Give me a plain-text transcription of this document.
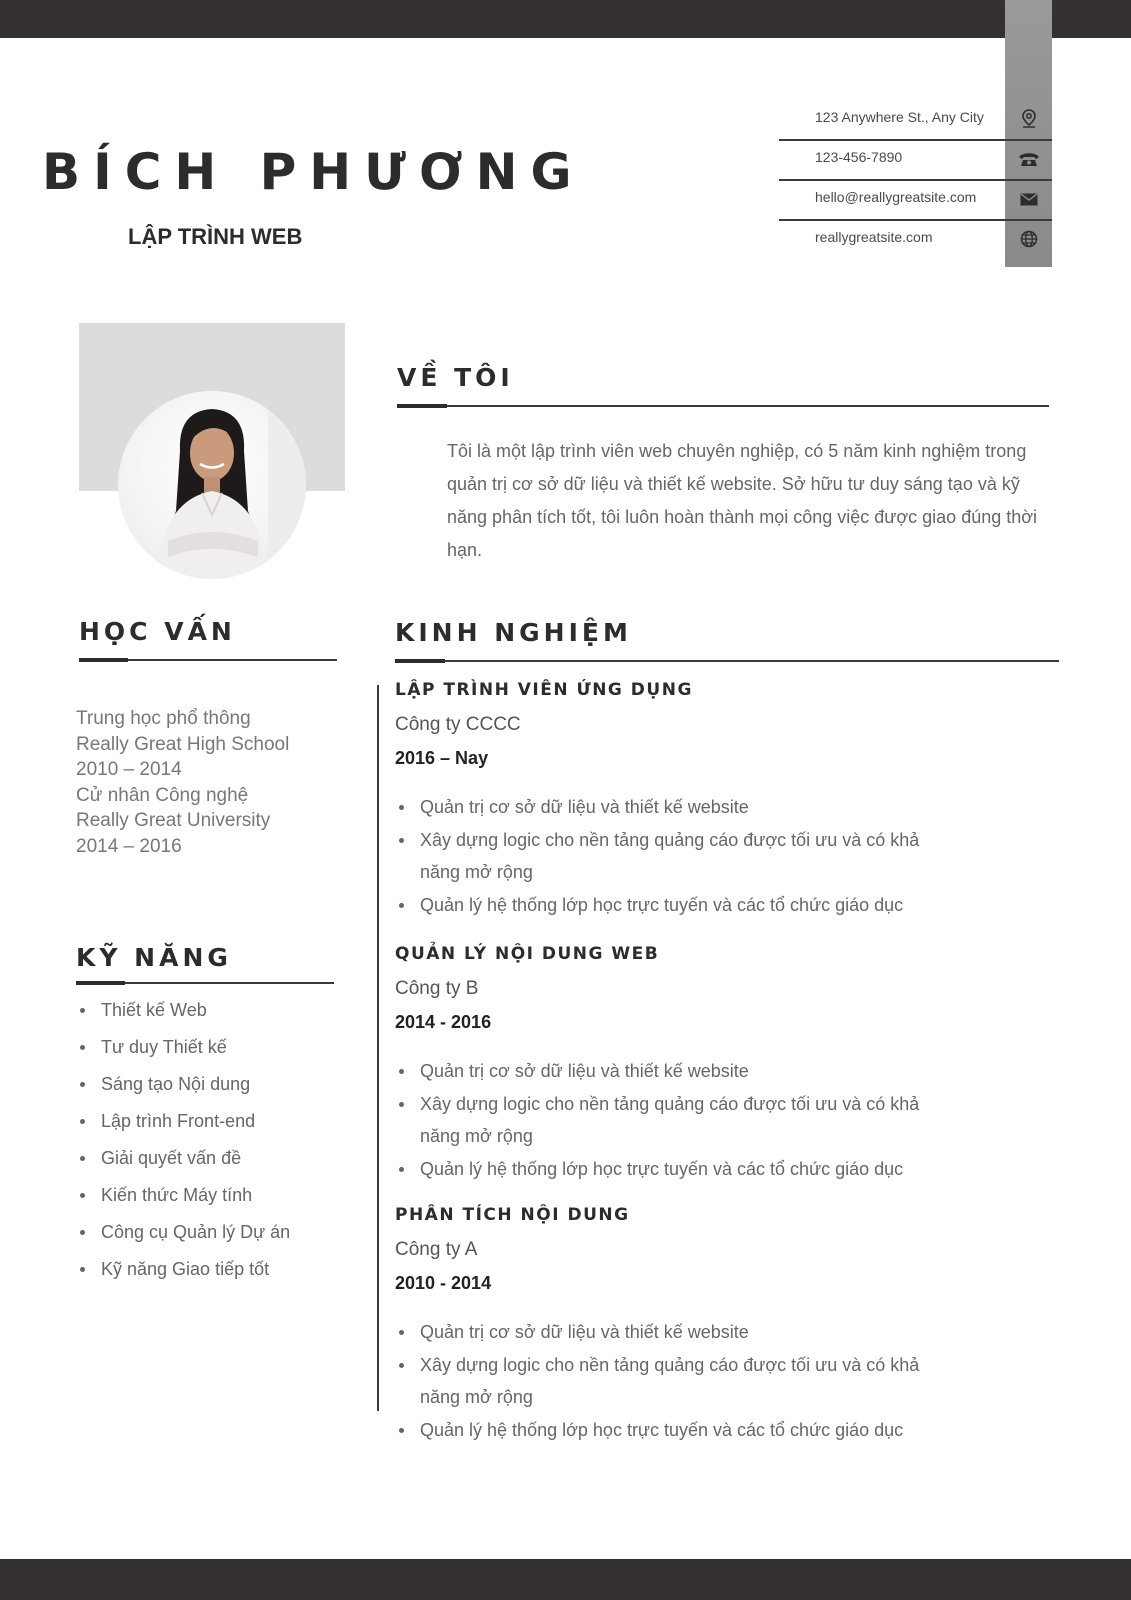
BÍCH PHƯƠNG
LẬP TRÌNH WEB
123 Anywhere St., Any City
123-456-7890
hello@reallygreatsite.com
reallygreatsite.com
VỀ TÔI
Tôi là một lập trình viên web chuyên nghiệp, có 5 năm kinh nghiệm trong quản trị cơ sở dữ liệu và thiết kế website. Sở hữu tư duy sáng tạo và kỹ năng phân tích tốt, tôi luôn hoàn thành mọi công việc được giao đúng thời hạn.
HỌC VẤN
Trung học phổ thông
Really Great High School
2010 – 2014
Cử nhân Công nghệ
Really Great University
2014 – 2016
KỸ NĂNG
Thiết kế Web
Tư duy Thiết kế
Sáng tạo Nội dung
Lập trình Front-end
Giải quyết vấn đề
Kiến thức Máy tính
Công cụ Quản lý Dự án
Kỹ năng Giao tiếp tốt
KINH NGHIỆM
LẬP TRÌNH VIÊN ỨNG DỤNG
Công ty CCCC
2016 – Nay
Quản trị cơ sở dữ liệu và thiết kế website
Xây dựng logic cho nền tảng quảng cáo được tối ưu và có khả năng mở rộng
Quản lý hệ thống lớp học trực tuyến và các tổ chức giáo dục
QUẢN LÝ NỘI DUNG WEB
Công ty B
2014 - 2016
Quản trị cơ sở dữ liệu và thiết kế website
Xây dựng logic cho nền tảng quảng cáo được tối ưu và có khả năng mở rộng
Quản lý hệ thống lớp học trực tuyến và các tổ chức giáo dục
PHÂN TÍCH NỘI DUNG
Công ty A
2010 - 2014
Quản trị cơ sở dữ liệu và thiết kế website
Xây dựng logic cho nền tảng quảng cáo được tối ưu và có khả năng mở rộng
Quản lý hệ thống lớp học trực tuyến và các tổ chức giáo dục
